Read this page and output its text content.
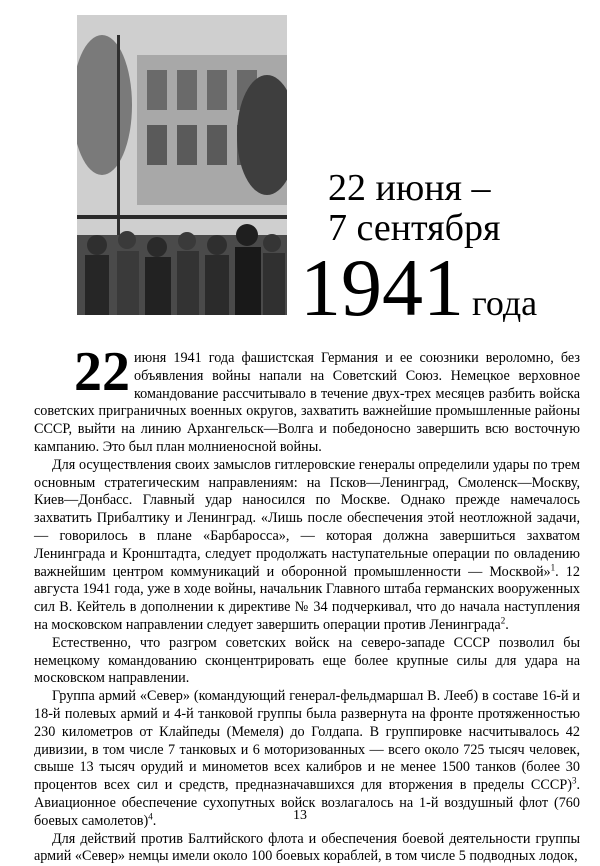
22 июня –
7 сентября
1941 года

22 июня 1941 года фашистская Германия и ее союзники вероломно, без объявления войны напали на Советский Союз. Немецкое верховное командование рассчитывало в течение двух-трех месяцев разбить войска советских приграничных военных округов, захватить важнейшие промышленные районы СССР, выйти на линию Архангельск—Волга и победоносно завершить всю восточную кампанию. Это был план молниеносной войны.

Для осуществления своих замыслов гитлеровские генералы определили удары по трем основным стратегическим направлениям: на Псков—Ленинград, Смоленск—Москву, Киев—Донбасс. Главный удар наносился по Москве. Однако прежде намечалось захватить Прибалтику и Ленинград. «Лишь после обеспечения этой неотложной задачи, — говорилось в плане «Барбаросса», — которая должна завершиться захватом Ленинграда и Кронштадта, следует продолжать наступательные операции по овладению важнейшим центром коммуникаций и оборонной промышленности — Москвой»$^1$. 12 августа 1941 года, уже в ходе войны, начальник Главного штаба германских вооруженных сил В. Кейтель в дополнении к директиве № 34 подчеркивал, что до начала наступления на московском направлении следует завершить операции против Ленинграда$^2$.

Естественно, что разгром советских войск на северо-западе СССР позволил бы немецкому командованию сконцентрировать еще более крупные силы для удара на московском направлении.

Группа армий «Север» (командующий генерал-фельдмаршал В. Леeб) в составе 16-й и 18-й полевых армий и 4-й танковой группы была развернута на фронте протяженностью 230 километров от Клайпеды (Мемеля) до Голдапа. В группировке насчитывалось 42 дивизии, в том числе 7 танковых и 6 моторизованных — всего около 725 тысяч человек, свыше 13 тысяч орудий и минометов всех калибров и не менее 1500 танков (более 30 процентов всех сил и средств, предназначавшихся для вторжения в пределы СССР)$^3$. Авиационное обеспечение сухопутных войск возлагалось на 1-й воздушный флот (760 боевых самолетов)$^4$.

Для действий против Балтийского флота и обеспечения боевой деятельности группы армий «Север» немцы имели около 100 боевых кораблей, в том числе 5 подводных лодок,

13
